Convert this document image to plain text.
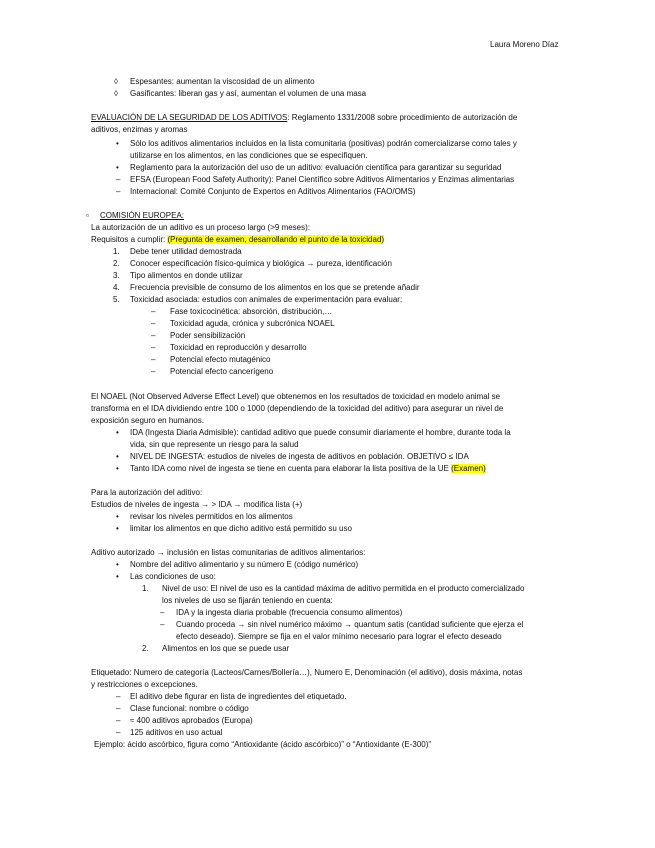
Laura Moreno Díaz
◊ Espesantes: aumentan la viscosidad de un alimento
◊ Gasificantes: liberan gas y así, aumentan el volumen de una masa
EVALUACIÓN DE LA SEGURIDAD DE LOS ADITIVOS: Reglamento 1331/2008 sobre procedimiento de autorización de
aditivos, enzimas y aromas
• Sólo los aditivos alimentarios incluidos en la lista comunitaria (positivas) podrán comercializarse como tales y
utilizarse en los alimentos, en las condiciones que se especifiquen.
• Reglamento para la autorización del uso de un aditivo: evaluación científica para garantizar su seguridad
– EFSA (European Food Safety Authority): Panel Científico sobre Aditivos Alimentarios y Enzimas alimentarias
– Internacional: Comité Conjunto de Expertos en Aditivos Alimentarios (FAO/OMS)
▫ COMISIÓN EUROPEA:
La autorización de un aditivo es un proceso largo (>9 meses):
Requisitos a cumplir: (Pregunta de examen, desarrollando el punto de la toxicidad)
1. Debe tener utilidad demostrada
2. Conocer especificación físico-química y biológica → pureza, identificación
3. Tipo alimentos en donde utilizar
4. Frecuencia previsible de consumo de los alimentos en los que se pretende añadir
5. Toxicidad asociada: estudios con animales de experimentación para evaluar:
– Fase toxicocinética: absorción, distribución,…
– Toxicidad aguda, crónica y subcrónica NOAEL
– Poder sensibilización
– Toxicidad en reproducción y desarrollo
– Potencial efecto mutagénico
– Potencial efecto cancerígeno
El NOAEL (Not Observed Adverse Effect Level) que obtenemos en los resultados de toxicidad en modelo animal se
transforma en el IDA dividiendo entre 100 o 1000 (dependiendo de la toxicidad del aditivo) para asegurar un nivel de
exposición seguro en humanos.
• IDA (Ingesta Diaria Admisible): cantidad aditivo que puede consumir diariamente el hombre, durante toda la
vida, sin que represente un riesgo para la salud
• NIVEL DE INGESTA: estudios de niveles de ingesta de aditivos en población. OBJETIVO ≤ IDA
• Tanto IDA como nivel de ingesta se tiene en cuenta para elaborar la lista positiva de la UE (Examen)
Para la autorización del aditivo:
Estudios de niveles de ingesta → > IDA → modifica lista (+)
• revisar los niveles permitidos en los alimentos
• limitar los alimentos en que dicho aditivo está permitido su uso
Aditivo autorizado → inclusión en listas comunitarias de aditivos alimentarios:
• Nombre del aditivo alimentario y su número E (código numérico)
• Las condiciones de uso:
1. Nivel de uso: El nivel de uso es la cantidad máxima de aditivo permitida en el producto comercializado
los niveles de uso se fijarán teniendo en cuenta:
– IDA y la ingesta diaria probable (frecuencia consumo alimentos)
– Cuando proceda → sin nivel numérico máximo → quantum satis (cantidad suficiente que ejerza el
efecto deseado). Siempre se fija en el valor mínimo necesario para lograr el efecto deseado
2. Alimentos en los que se puede usar
Etiquetado: Numero de categoría (Lacteos/Carnes/Bollería…), Numero E, Denominación (el aditivo), dosis máxima, notas
y restricciones o excepciones.
– El aditivo debe figurar en lista de ingredientes del etiquetado.
– Clase funcional: nombre o código
– ≈ 400 aditivos aprobados (Europa)
– 125 aditivos en uso actual
Ejemplo: ácido ascórbico, figura como “Antioxidante (ácido ascórbico)” o “Antioxidante (E-300)”
